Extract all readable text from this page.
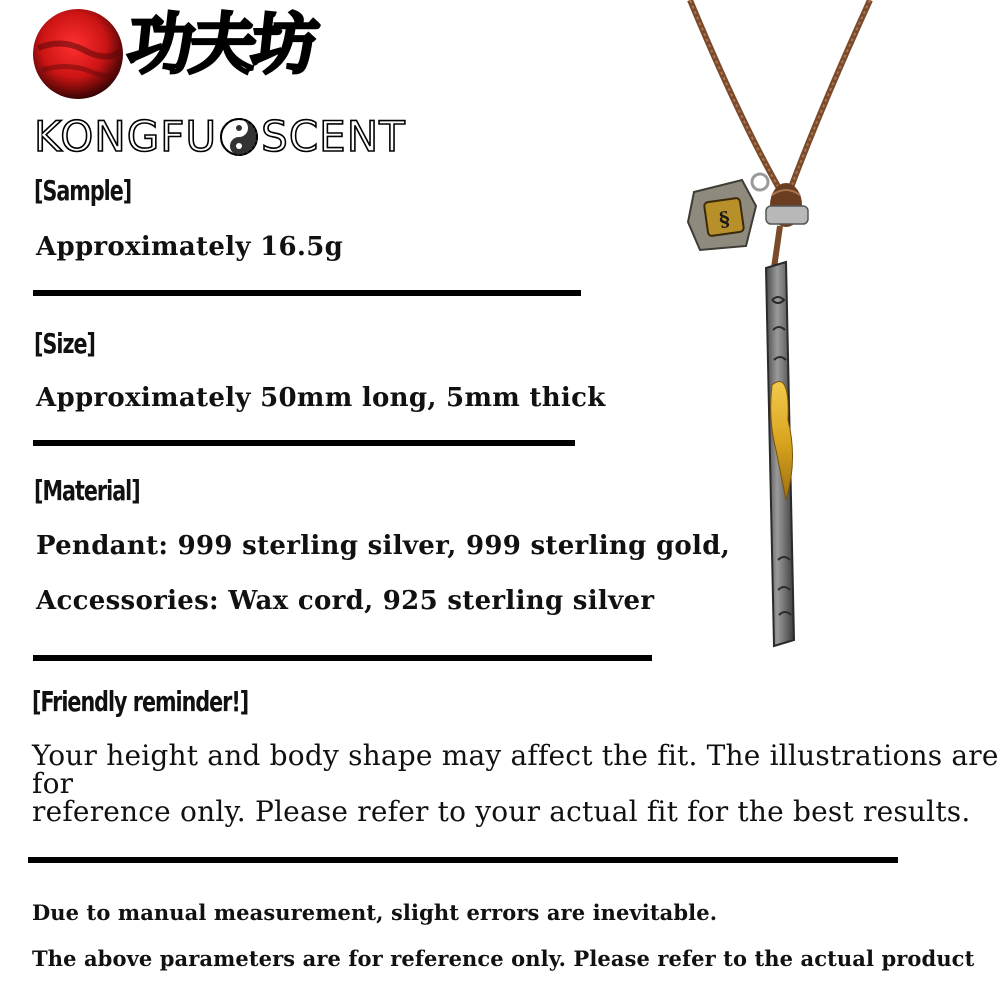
功夫坊
KONGFU SCENT
[Sample]
Approximately 16.5g
[Size]
Approximately 50mm long, 5mm thick
[Material]
Pendant: 999 sterling silver, 999 sterling gold,
Accessories: Wax cord, 925 sterling silver
[Friendly reminder!]
Your height and body shape may affect the fit. The illustrations are for
reference only. Please refer to your actual fit for the best results.
Due to manual measurement, slight errors are inevitable.
The above parameters are for reference only. Please refer to the actual product
§
